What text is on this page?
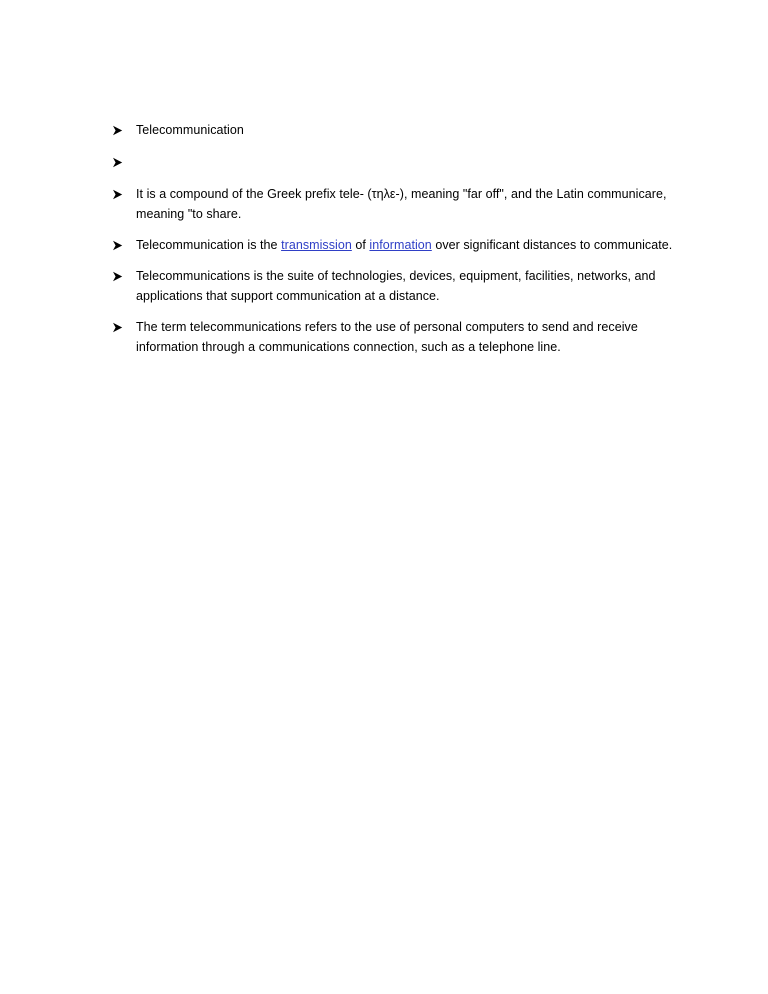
Telecommunication
It is a compound of the Greek prefix tele- (τηλε-), meaning "far off", and the Latin communicare, meaning "to share.
Telecommunication is the transmission of information over significant distances to communicate.
Telecommunications is the suite of technologies, devices, equipment, facilities, networks, and applications that support communication at a distance.
The term telecommunications refers to the use of personal computers to send and receive information through a communications connection, such as a telephone line.
